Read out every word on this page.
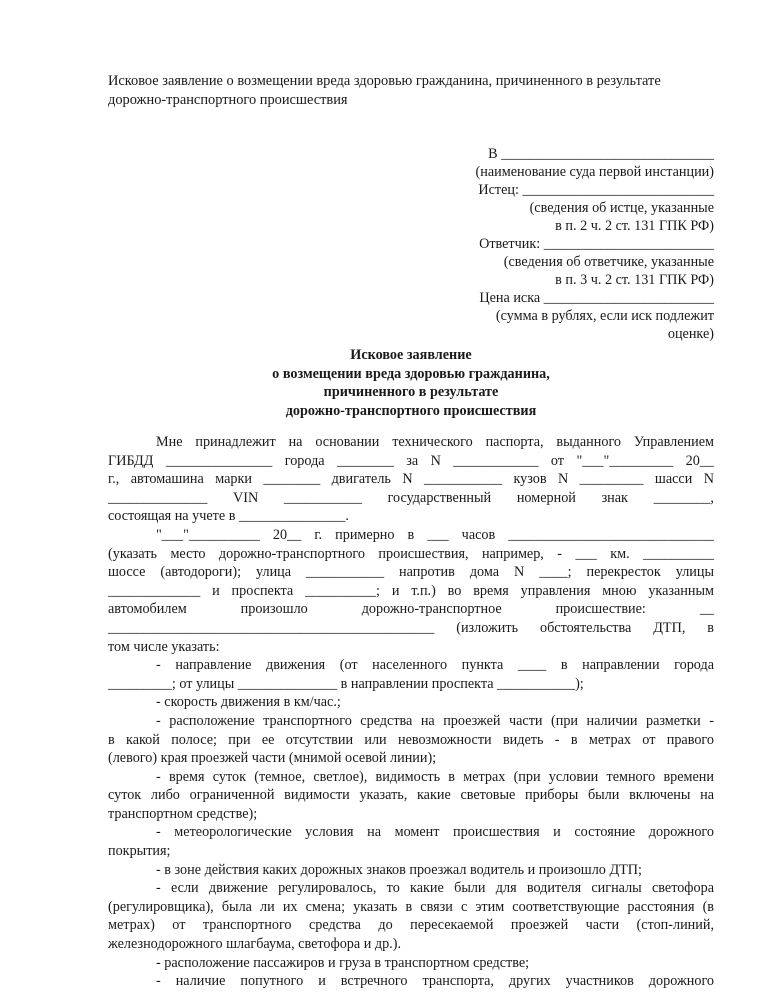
Исковое заявление о возмещении вреда здоровью гражданина, причиненного в результате
дорожно-транспортного происшествия
В ______________________________
(наименование суда первой инстанции)
Истец: ___________________________
(сведения об истце, указанные
в п. 2 ч. 2 ст. 131 ГПК РФ)
Ответчик: ________________________
(сведения об ответчике, указанные
в п. 3 ч. 2 ст. 131 ГПК РФ)
Цена иска ________________________
(сумма в рублях, если иск подлежит
оценке)
Исковое заявление
о возмещении вреда здоровью гражданина,
причиненного в результате
дорожно-транспортного происшествия
Мне принадлежит на основании технического паспорта, выданного Управлением
ГИБДД _______________ города ________ за N ____________ от "___"_________ 20__
г., автомашина марки ________ двигатель N ___________ кузов N _________ шасси N
______________ VIN ___________ государственный номерной знак ________,
состоящая на учете в _______________.
"___"__________ 20__ г. примерно в ___ часов _____________________________
(указать место дорожно-транспортного происшествия, например, - ___ км. __________
шоссе (автодороги); улица ___________ напротив дома N ____; перекресток улицы
_____________ и проспекта __________; и т.п.) во время управления мною указанным
автомобилем	произошло	дорожно-транспортное	происшествие:	__
______________________________________________ (изложить обстоятельства ДТП, в
том числе указать:
- направление движения (от населенного пункта ____ в направлении города
_________; от улицы ______________ в направлении проспекта ___________);
- скорость движения в км/час.;
- расположение транспортного средства на проезжей части (при наличии разметки -
в какой полосе; при ее отсутствии или невозможности видеть - в метрах от правого
(левого) края проезжей части (мнимой осевой линии);
- время суток (темное, светлое), видимость в метрах (при условии темного времени
суток либо ограниченной видимости указать, какие световые приборы были включены на
транспортном средстве);
- метеорологические условия на момент происшествия и состояние дорожного
покрытия;
- в зоне действия каких дорожных знаков проезжал водитель и произошло ДТП;
- если движение регулировалось, то какие были для водителя сигналы светофора
(регулировщика), была ли их смена; указать в связи с этим соответствующие расстояния (в
метрах) от транспортного средства до пересекаемой проезжей части (стоп-линий,
железнодорожного шлагбаума, светофора и др.).
- расположение пассажиров и груза в транспортном средстве;
- наличие попутного и встречного транспорта, других участников дорожного
